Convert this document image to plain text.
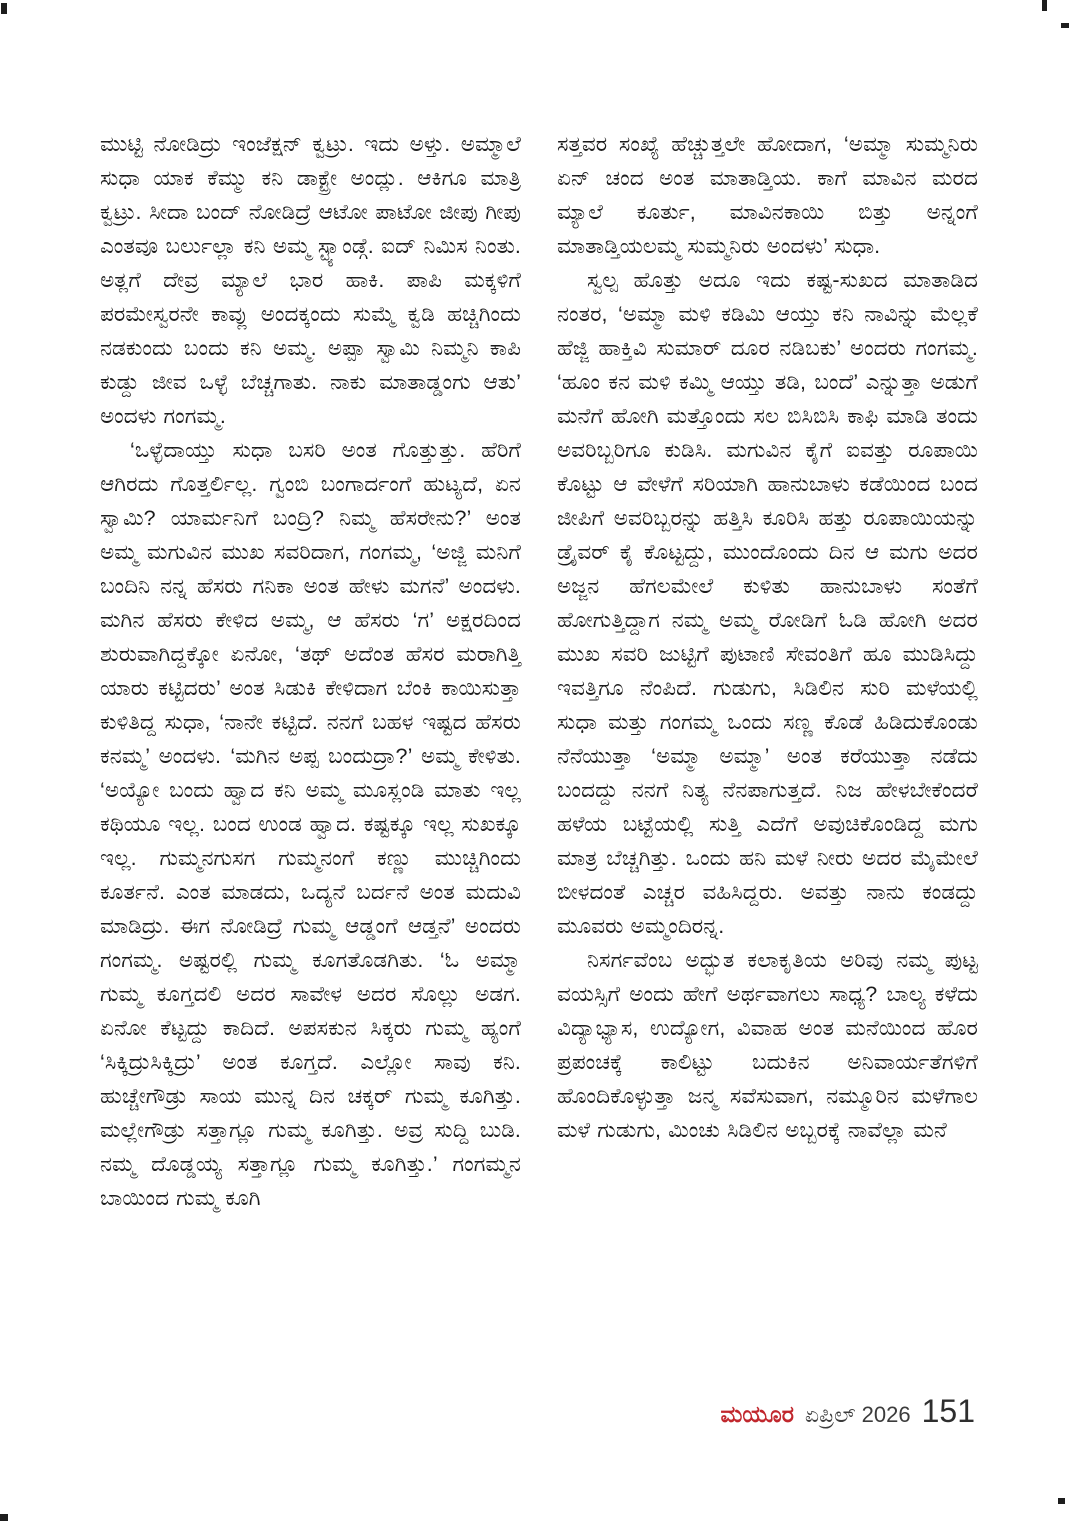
ಮುಟ್ಟಿ ನೋಡಿದ್ರು ಇಂಜೆಕ್ಷನ್ ಕ್ವಟ್ರು. ಇದು ಅಳ್ತು. ಅಮ್ಮಾಲೆ ಸುಧಾ ಯಾಕ ಕೆಮ್ಮು ಕನಿ ಡಾಕ್ಟ್ರೇ ಅಂದ್ಲು. ಆಕಿಗೂ ಮಾತ್ರಿ ಕ್ವಟ್ರು. ಸೀದಾ ಬಂದ್ ನೋಡಿದ್ರೆ ಆಟೋ ಪಾಟೋ ಜೀಪು ಗೀಪು ಎಂತವೂ ಬರ್ಲುಲ್ಲಾ ಕನಿ ಅಮ್ಮ ಸ್ಟ್ಯಾಂಡ್ಗೆ. ಐದ್ ನಿಮಿಸ ನಿಂತು. ಅತ್ಲಗೆ ದೇವ್ರ ಮ್ಯಾಲೆ ಭಾರ ಹಾಕಿ. ಪಾಪಿ ಮಕ್ಕಳಿಗೆ ಪರಮೇಸ್ವರನೇ ಕಾವ್ಲು ಅಂದಕ್ಕಂದು ಸುಮ್ಮೆ ಕ್ವಡಿ ಹಚ್ಚಿಗಿಂದು ನಡಕುಂದು ಬಂದು ಕನಿ ಅಮ್ಮ. ಅಪ್ಪಾ ಸ್ವಾಮಿ ನಿಮ್ಮನಿ ಕಾಪಿ ಕುಡ್ದು ಜೀವ ಒಳ್ಳೆ ಬೆಚ್ಚಗಾತು. ನಾಕು ಮಾತಾಡ್ಡಂಗು ಆತು’ ಅಂದಳು ಗಂಗಮ್ಮ.

‘ಒಳ್ಳೆದಾಯ್ತು ಸುಧಾ ಬಸರಿ ಅಂತ ಗೊತ್ತುತ್ತು. ಹೆರಿಗೆ ಆಗಿರದು ಗೊತ್ತರ್ಲಿಲ್ಲ. ಗ್ವಂಬಿ ಬಂಗಾರ್ದಂಗೆ ಹುಟ್ಯದೆ, ಏನ ಸ್ವಾಮಿ? ಯಾರ್ಮನಿಗೆ ಬಂದ್ರಿ? ನಿಮ್ಮ ಹೆಸರೇನು?’ ಅಂತ ಅಮ್ಮ ಮಗುವಿನ ಮುಖ ಸವರಿದಾಗ, ಗಂಗಮ್ಮ, ‘ಅಜ್ಜಿ ಮನಿಗೆ ಬಂದಿನಿ ನನ್ನ ಹೆಸರು ಗನಿಕಾ ಅಂತ ಹೇಳು ಮಗನೆ’ ಅಂದಳು. ಮಗಿನ ಹೆಸರು ಕೇಳಿದ ಅಮ್ಮ, ಆ ಹೆಸರು ‘ಗ’ ಅಕ್ಷರದಿಂದ ಶುರುವಾಗಿದ್ದಕ್ಕೋ ಏನೋ, ‘ತಥ್ ಅದೆಂತ ಹೆಸರ ಮರಾಗಿತ್ತಿ ಯಾರು ಕಟ್ಟಿದರು’ ಅಂತ ಸಿಡುಕಿ ಕೇಳಿದಾಗ ಬೆಂಕಿ ಕಾಯಿಸುತ್ತಾ ಕುಳಿತಿದ್ದ ಸುಧಾ, ‘ನಾನೇ ಕಟ್ಟಿದೆ. ನನಗೆ ಬಹಳ ಇಷ್ಟದ ಹೆಸರು ಕನಮ್ಮ’ ಅಂದಳು. ‘ಮಗಿನ ಅಪ್ಪ ಬಂದುದ್ರಾ?’ ಅಮ್ಮ ಕೇಳಿತು. ‘ಅಯ್ಯೋ ಬಂದು ಹ್ವಾದ ಕನಿ ಅಮ್ಮ ಮೂಸ್ಲಂಡಿ ಮಾತು ಇಲ್ಲ ಕಥಿಯೂ ಇಲ್ಲ. ಬಂದ ಉಂಡ ಹ್ವಾದ. ಕಷ್ಟಕ್ಕೂ ಇಲ್ಲ ಸುಖಕ್ಕೂ ಇಲ್ಲ. ಗುಮ್ಮನಗುಸಗ ಗುಮ್ಮನಂಗೆ ಕಣ್ಣು ಮುಚ್ಚಿಗಿಂದು ಕೂರ್ತನೆ. ಎಂತ ಮಾಡದು, ಒದ್ಯನೆ ಬರ್ದನೆ ಅಂತ ಮದುವಿ ಮಾಡಿದ್ರು. ಈಗ ನೋಡಿದ್ರೆ ಗುಮ್ಮ ಆಡ್ಡಂಗೆ ಆಡ್ತನೆ’ ಅಂದರು ಗಂಗಮ್ಮ. ಅಷ್ಟರಲ್ಲಿ ಗುಮ್ಮ ಕೂಗತೊಡಗಿತು. ‘ಓ ಅಮ್ಮಾ ಗುಮ್ಮ ಕೂಗ್ತದಲಿ ಅದರ ಸಾವೇಳ ಅದರ ಸೊಲ್ಲು ಅಡಗ. ಏನೋ ಕೆಟ್ಟದ್ದು ಕಾದಿದೆ. ಅಪಸಕುನ ಸಿಕ್ಕರು ಗುಮ್ಮ ಹ್ಯಂಗೆ ‘ಸಿಕ್ಕಿದ್ರುಸಿಕ್ಕಿದ್ರು’ ಅಂತ ಕೂಗ್ತದೆ. ಎಲ್ಲೋ ಸಾವು ಕನಿ. ಹುಚ್ಚೇಗೌಡ್ರು ಸಾಯ ಮುನ್ನ ದಿನ ಚಕ್ಕರ್ ಗುಮ್ಮ ಕೂಗಿತ್ತು. ಮಲ್ಲೇಗೌಡ್ರು ಸತ್ತಾಗ್ಲೂ ಗುಮ್ಮ ಕೂಗಿತ್ತು. ಅವ್ರ ಸುದ್ದಿ ಬುಡಿ. ನಮ್ಮ ದೊಡ್ಡಯ್ಯ ಸತ್ತಾಗ್ಲೂ ಗುಮ್ಮ ಕೂಗಿತ್ತು.’ ಗಂಗಮ್ಮನ ಬಾಯಿಂದ ಗುಮ್ಮ ಕೂಗಿ

ಸತ್ತವರ ಸಂಖ್ಯೆ ಹೆಚ್ಚುತ್ತಲೇ ಹೋದಾಗ, ‘ಅಮ್ಮಾ ಸುಮ್ಮನಿರು ಏನ್ ಚಂದ ಅಂತ ಮಾತಾಡ್ತಿಯ. ಕಾಗೆ ಮಾವಿನ ಮರದ ಮ್ಯಾಲೆ ಕೂರ್ತು, ಮಾವಿನಕಾಯಿ ಬಿತ್ತು ಅನ್ನಂಗೆ ಮಾತಾಡ್ತಿಯಲಮ್ಮ ಸುಮ್ಮನಿರು ಅಂದಳು’ ಸುಧಾ.

ಸ್ವಲ್ಪ ಹೊತ್ತು ಅದೂ ಇದು ಕಷ್ಟ-ಸುಖದ ಮಾತಾಡಿದ ನಂತರ, ‘ಅಮ್ಮಾ ಮಳಿ ಕಡಿಮಿ ಆಯ್ತು ಕನಿ ನಾವಿನ್ನು ಮೆಲ್ಲಕೆ ಹೆಜ್ಜಿ ಹಾಕ್ತಿವಿ ಸುಮಾರ್ ದೂರ ನಡಿಬಕು’ ಅಂದರು ಗಂಗಮ್ಮ. ‘ಹೂಂ ಕನ ಮಳಿ ಕಮ್ಮಿ ಆಯ್ತು ತಡಿ, ಬಂದೆ’ ಎನ್ನುತ್ತಾ ಅಡುಗೆ ಮನೆಗೆ ಹೋಗಿ ಮತ್ತೊಂದು ಸಲ ಬಿಸಿಬಿಸಿ ಕಾಫಿ ಮಾಡಿ ತಂದು ಅವರಿಬ್ಬರಿಗೂ ಕುಡಿಸಿ. ಮಗುವಿನ ಕೈಗೆ ಐವತ್ತು ರೂಪಾಯಿ ಕೊಟ್ಟು ಆ ವೇಳೆಗೆ ಸರಿಯಾಗಿ ಹಾನುಬಾಳು ಕಡೆಯಿಂದ ಬಂದ ಜೀಪಿಗೆ ಅವರಿಬ್ಬರನ್ನು ಹತ್ತಿಸಿ ಕೂರಿಸಿ ಹತ್ತು ರೂಪಾಯಿಯನ್ನು ಡ್ರೈವರ್ ಕೈ ಕೊಟ್ಟದ್ದು, ಮುಂದೊಂದು ದಿನ ಆ ಮಗು ಅದರ ಅಜ್ಜನ ಹೆಗಲಮೇಲೆ ಕುಳಿತು ಹಾನುಬಾಳು ಸಂತೆಗೆ ಹೋಗುತ್ತಿದ್ದಾಗ ನಮ್ಮ ಅಮ್ಮ ರೋಡಿಗೆ ಓಡಿ ಹೋಗಿ ಅದರ ಮುಖ ಸವರಿ ಜುಟ್ಟಿಗೆ ಪುಟಾಣಿ ಸೇವಂತಿಗೆ ಹೂ ಮುಡಿಸಿದ್ದು ಇವತ್ತಿಗೂ ನೆಂಪಿದೆ. ಗುಡುಗು, ಸಿಡಿಲಿನ ಸುರಿ ಮಳೆಯಲ್ಲಿ ಸುಧಾ ಮತ್ತು ಗಂಗಮ್ಮ ಒಂದು ಸಣ್ಣ ಕೊಡೆ ಹಿಡಿದುಕೊಂಡು ನೆನೆಯುತ್ತಾ ‘ಅಮ್ಮಾ ಅಮ್ಮಾ’ ಅಂತ ಕರೆಯುತ್ತಾ ನಡೆದು ಬಂದದ್ದು ನನಗೆ ನಿತ್ಯ ನೆನಪಾಗುತ್ತದೆ. ನಿಜ ಹೇಳಬೇಕೆಂದರೆ ಹಳೆಯ ಬಟ್ಟೆಯಲ್ಲಿ ಸುತ್ತಿ ಎದೆಗೆ ಅವುಚಿಕೊಂಡಿದ್ದ ಮಗು ಮಾತ್ರ ಬೆಚ್ಚಗಿತ್ತು. ಒಂದು ಹನಿ ಮಳೆ ನೀರು ಅದರ ಮೈಮೇಲೆ ಬೀಳದಂತೆ ಎಚ್ಚರ ವಹಿಸಿದ್ದರು. ಅವತ್ತು ನಾನು ಕಂಡದ್ದು ಮೂವರು ಅಮ್ಮಂದಿರನ್ನ.

ನಿಸರ್ಗವೆಂಬ ಅದ್ಭುತ ಕಲಾಕೃತಿಯ ಅರಿವು ನಮ್ಮ ಪುಟ್ಟ ವಯಸ್ಸಿಗೆ ಅಂದು ಹೇಗೆ ಅರ್ಥವಾಗಲು ಸಾಧ್ಯ? ಬಾಲ್ಯ ಕಳೆದು ವಿದ್ಯಾಭ್ಯಾಸ, ಉದ್ಯೋಗ, ವಿವಾಹ ಅಂತ ಮನೆಯಿಂದ ಹೊರ ಪ್ರಪಂಚಕ್ಕೆ ಕಾಲಿಟ್ಟು ಬದುಕಿನ ಅನಿವಾರ್ಯತೆಗಳಿಗೆ ಹೊಂದಿಕೊಳ್ಳುತ್ತಾ ಜನ್ಮ ಸವೆಸುವಾಗ, ನಮ್ಮೂರಿನ ಮಳೆಗಾಲ ಮಳೆ ಗುಡುಗು, ಮಿಂಚು ಸಿಡಿಲಿನ ಅಬ್ಬರಕ್ಕೆ ನಾವೆಲ್ಲಾ ಮನೆ

ಮಯೂರ ಏಪ್ರಿಲ್ 2026 151
